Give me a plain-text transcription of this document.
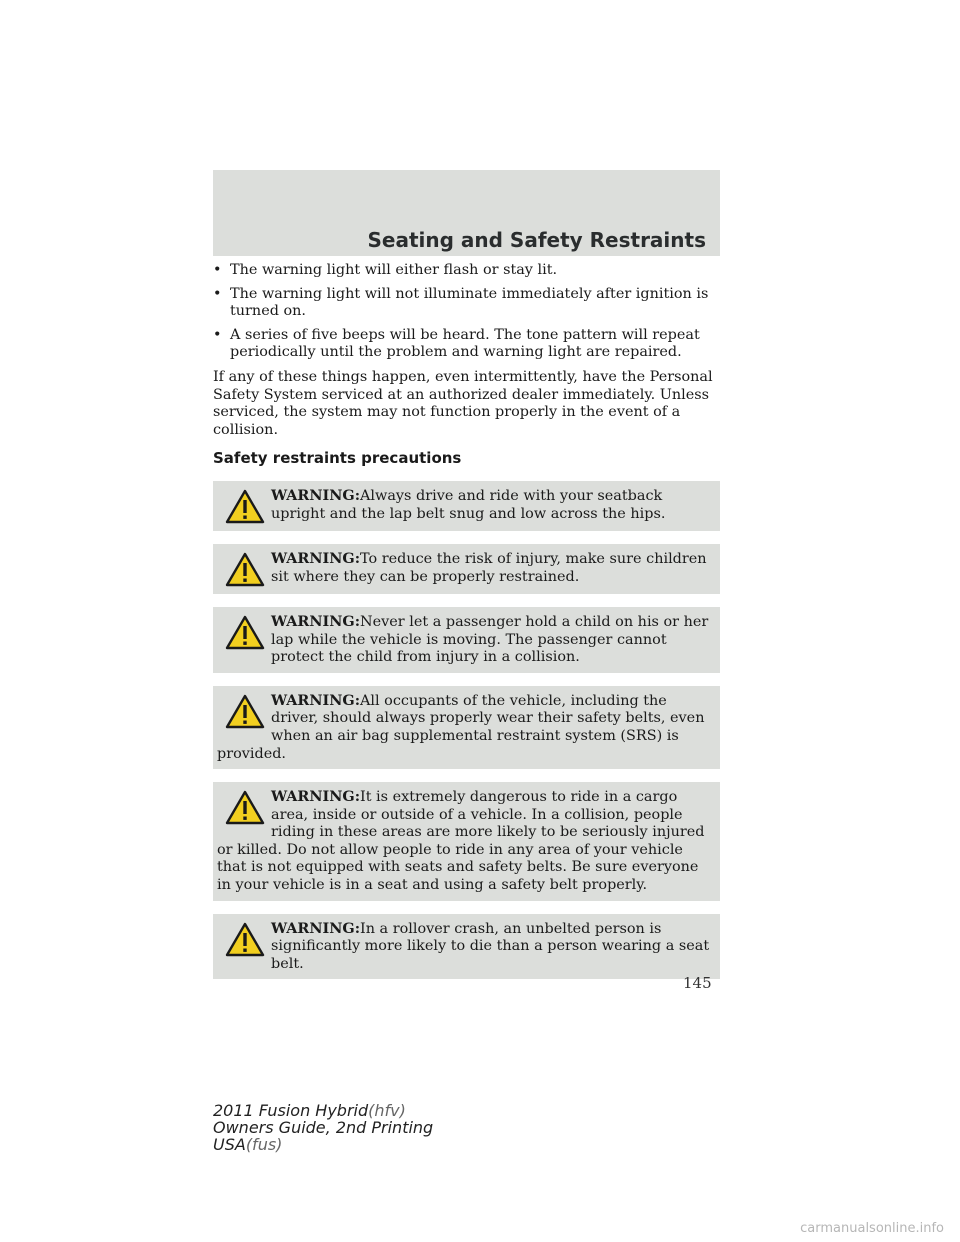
Seating and Safety Restraints
• The warning light will either flash or stay lit.
• The warning light will not illuminate immediately after ignition is turned on.
• A series of five beeps will be heard. The tone pattern will repeat periodically until the problem and warning light are repaired.

If any of these things happen, even intermittently, have the Personal Safety System serviced at an authorized dealer immediately. Unless serviced, the system may not function properly in the event of a collision.

Safety restraints precautions
WARNING:Always drive and ride with your seatback upright and the lap belt snug and low across the hips.
WARNING:To reduce the risk of injury, make sure children sit where they can be properly restrained.
WARNING:Never let a passenger hold a child on his or her lap while the vehicle is moving. The passenger cannot protect the child from injury in a collision.
WARNING:All occupants of the vehicle, including the driver, should always properly wear their safety belts, even when an air bag supplemental restraint system (SRS) is provided.
WARNING:It is extremely dangerous to ride in a cargo area, inside or outside of a vehicle. In a collision, people riding in these areas are more likely to be seriously injured or killed. Do not allow people to ride in any area of your vehicle that is not equipped with seats and safety belts. Be sure everyone in your vehicle is in a seat and using a safety belt properly.
WARNING:In a rollover crash, an unbelted person is significantly more likely to die than a person wearing a seat belt.
145
2011 Fusion Hybrid(hfv)
Owners Guide, 2nd Printing
USA(fus)
carmanualsonline.info
